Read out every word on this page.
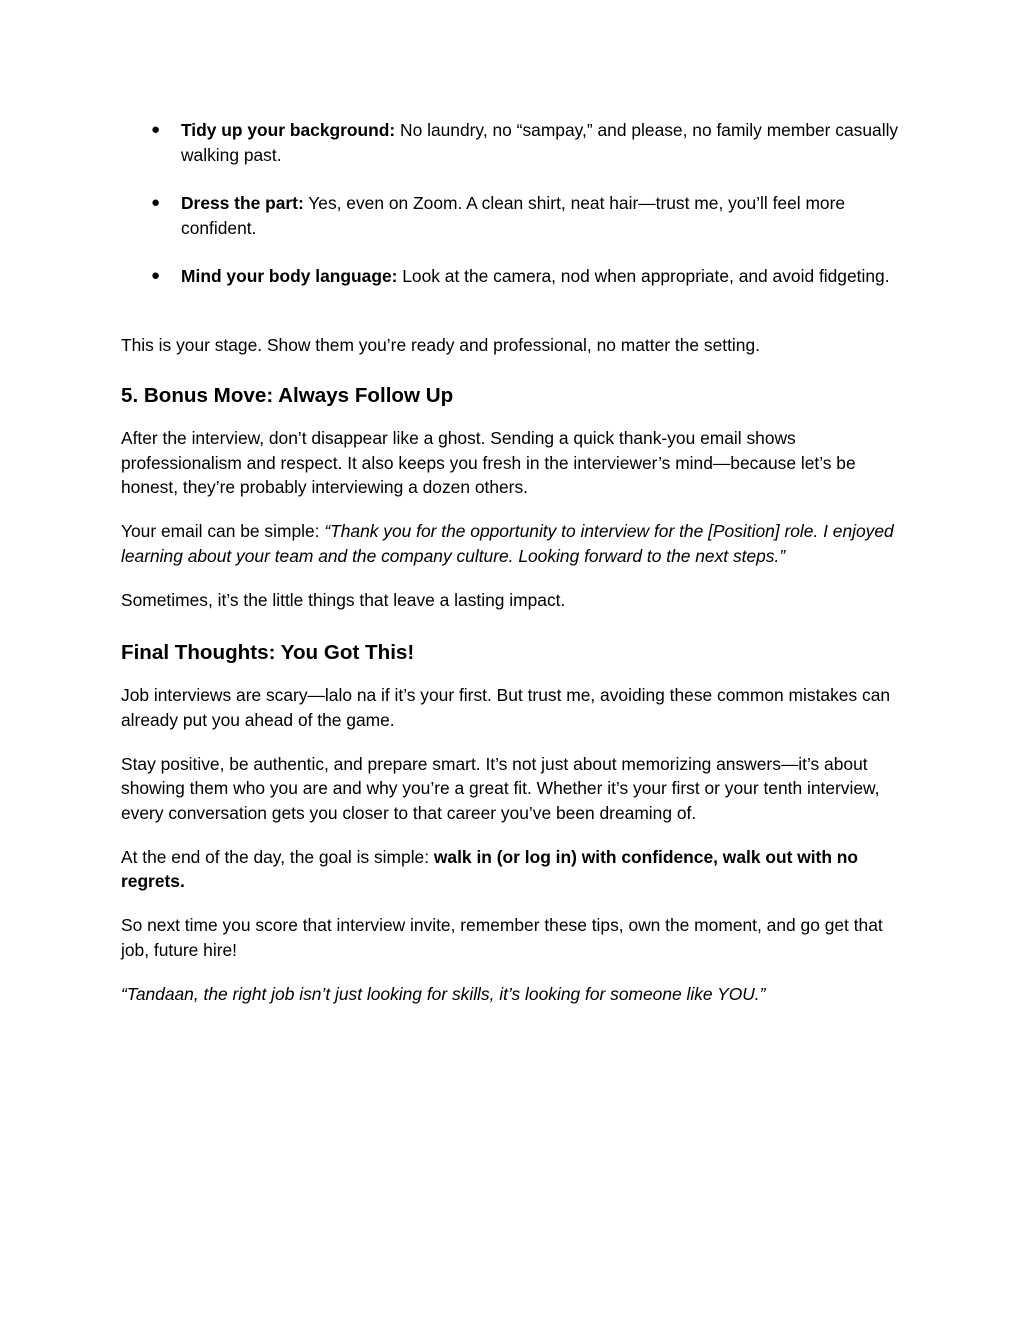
● Tidy up your background: No laundry, no “sampay,” and please, no family member casually walking past.
● Dress the part: Yes, even on Zoom. A clean shirt, neat hair—trust me, you’ll feel more confident.
● Mind your body language: Look at the camera, nod when appropriate, and avoid fidgeting.

This is your stage. Show them you’re ready and professional, no matter the setting.

5. Bonus Move: Always Follow Up

After the interview, don’t disappear like a ghost. Sending a quick thank-you email shows professionalism and respect. It also keeps you fresh in the interviewer’s mind—because let’s be honest, they’re probably interviewing a dozen others.

Your email can be simple: “Thank you for the opportunity to interview for the [Position] role. I enjoyed learning about your team and the company culture. Looking forward to the next steps.”

Sometimes, it’s the little things that leave a lasting impact.

Final Thoughts: You Got This!

Job interviews are scary—lalo na if it’s your first. But trust me, avoiding these common mistakes can already put you ahead of the game.

Stay positive, be authentic, and prepare smart. It’s not just about memorizing answers—it’s about showing them who you are and why you’re a great fit. Whether it’s your first or your tenth interview, every conversation gets you closer to that career you’ve been dreaming of.

At the end of the day, the goal is simple: walk in (or log in) with confidence, walk out with no regrets.

So next time you score that interview invite, remember these tips, own the moment, and go get that job, future hire!

“Tandaan, the right job isn’t just looking for skills, it’s looking for someone like YOU.”
